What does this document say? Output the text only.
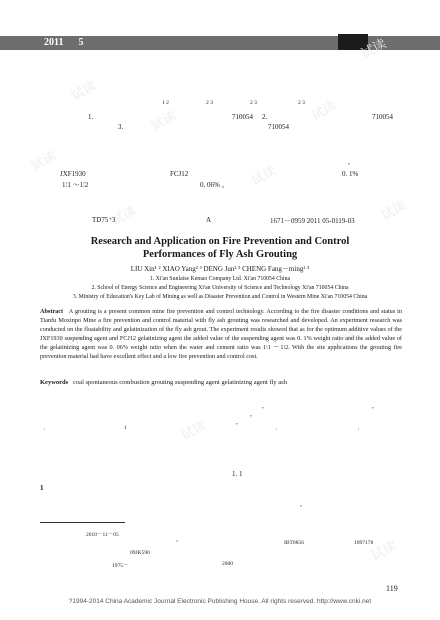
2011 5	试读
试读
试读	试读
试读
试读
试读
试读
试读	试读
试读
试读
1 2	2 3	2 3	2 3
1.	710054 2.	710054
3.	710054
,
JXF1930	FCJ12	0. 1%
1∶1 ～1∶2	0. 06% 。
TD75⁺3	A	1671－0959 2011 05-0119-03
Research and Application on Fire Prevention and Control
Performances of Fly Ash Grouting
LIU Xin¹ ² XIAO Yang² ³ DENG Jun² ³ CHENG Fang－ming² ³
1. Xi'an Sunlaise Kemao Company Ltd. Xi'an 710054 China
2. School of Energy Science and Engineering Xi'an University of Science and Technology Xi'an 710054 China
3. Ministry of Education's Key Lab of Mining as well as Disaster Prevention and Control in Western Mine Xi'an 710054 China
Abstract A grouting is a present common mine fire prevention and control technology. According to the fire disaster conditions and status in Tianfu Moxinpo Mine a fire prevention and control material with fly ash grouting was researched and developed. An experiment research was conducted on the floatability and gelatinization of the fly ash grout. The experiment results showed that as for the optimum additive values of the JXF1930 suspending agent and FCJ12 gelatinizing agent the added value of the suspending agent was 0. 1% weight ratio and the added value of the gelatinizing agent was 0. 06% weight ratio when the water and cement ratio was 1∶1 ～1∶2. With the site applications the grouting fire prevention material had have excellent effect and a low fire prevention and control cost.
Keywords coal spontaneous combustion grouting suspending agent gelatinizing agent fly ash
,	,
,
,
,	1	,	,
1. 1
1
,
2010－11－05
"	IBT0856	1097178
09JK590
1975－	2000
119
?1994-2014 China Academic Journal Electronic Publishing House. All rights reserved. http://www.cnki.net
